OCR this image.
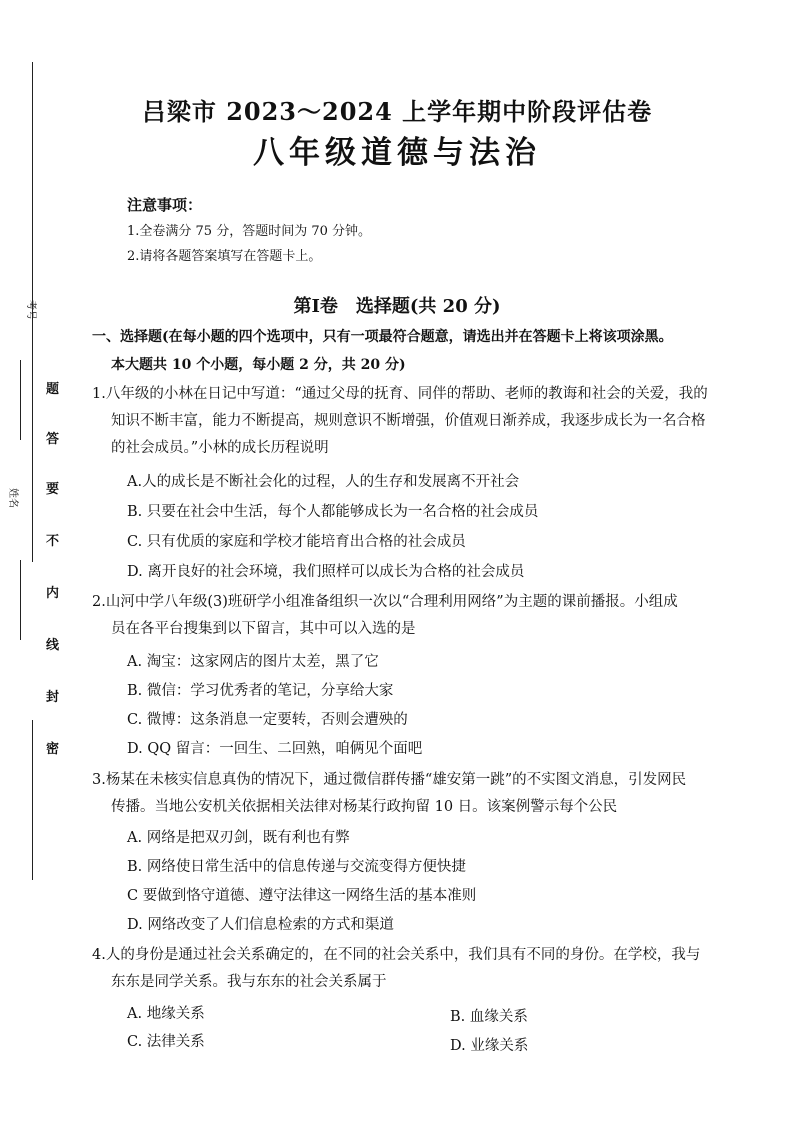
考号
姓名
题
答
要
不
内
线
封
密
吕梁市 2023～2024 上学年期中阶段评估卷
八年级道德与法治
注意事项：
1.全卷满分 75 分，答题时间为 70 分钟。
2.请将各题答案填写在答题卡上。
第Ⅰ卷　选择题(共 20 分)
一、选择题(在每小题的四个选项中，只有一项最符合题意，请选出并在答题卡上将该项涂黑。
本大题共 10 个小题，每小题 2 分，共 20 分)
1.八年级的小林在日记中写道：“通过父母的抚育、同伴的帮助、老师的教诲和社会的关爱，我的
知识不断丰富，能力不断提高，规则意识不断增强，价值观日渐养成，我逐步成长为一名合格
的社会成员。”小林的成长历程说明
A.人的成长是不断社会化的过程，人的生存和发展离不开社会
B. 只要在社会中生活，每个人都能够成长为一名合格的社会成员
C. 只有优质的家庭和学校才能培育出合格的社会成员
D. 离开良好的社会环境，我们照样可以成长为合格的社会成员
2.山河中学八年级(3)班研学小组准备组织一次以“合理利用网络”为主题的课前播报。小组成
员在各平台搜集到以下留言，其中可以入选的是
A. 淘宝：这家网店的图片太差，黑了它
B. 微信：学习优秀者的笔记，分享给大家
C. 微博：这条消息一定要转，否则会遭殃的
D. QQ 留言：一回生、二回熟，咱俩见个面吧
3.杨某在未核实信息真伪的情况下，通过微信群传播“雄安第一跳”的不实图文消息，引发网民
传播。当地公安机关依据相关法律对杨某行政拘留 10 日。该案例警示每个公民
A. 网络是把双刃剑，既有利也有弊
B. 网络使日常生活中的信息传递与交流变得方便快捷
C 要做到恪守道德、遵守法律这一网络生活的基本准则
D. 网络改变了人们信息检索的方式和渠道
4.人的身份是通过社会关系确定的，在不同的社会关系中，我们具有不同的身份。在学校，我与
东东是同学关系。我与东东的社会关系属于
A. 地缘关系	B. 血缘关系
C. 法律关系	D. 业缘关系
